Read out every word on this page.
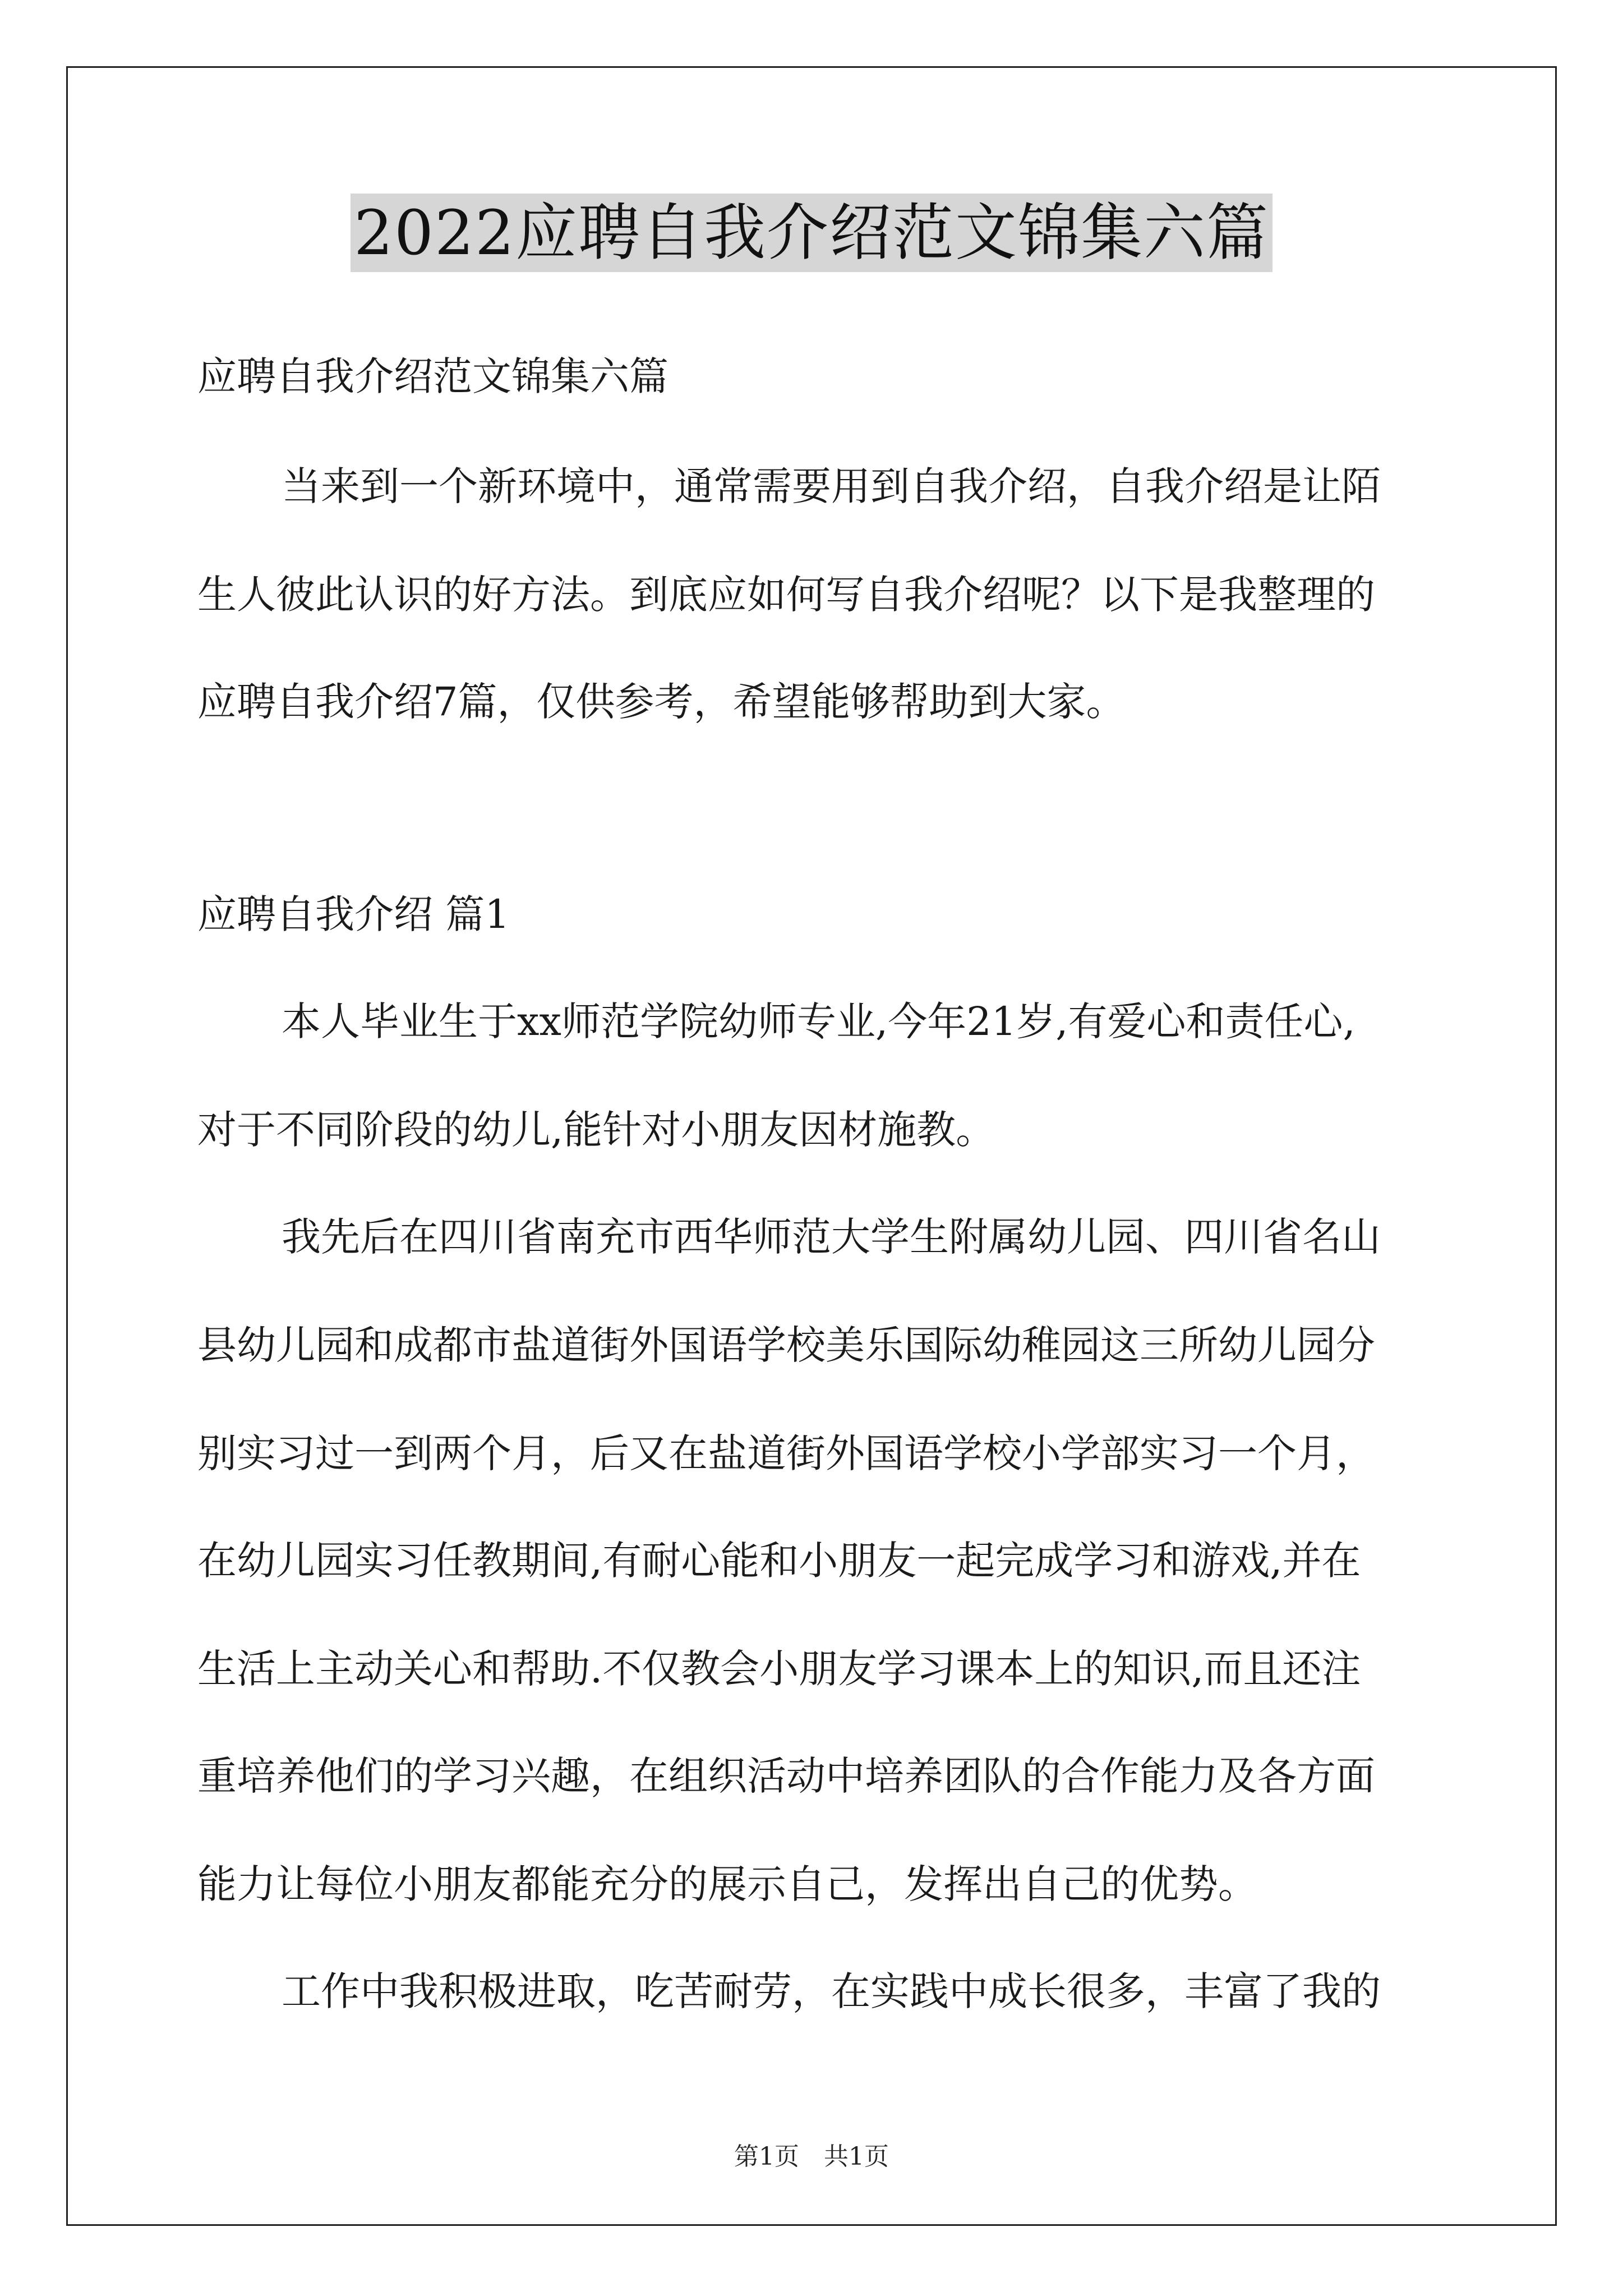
2022应聘自我介绍范文锦集六篇
应聘自我介绍范文锦集六篇
当来到一个新环境中，通常需要用到自我介绍，自我介绍是让陌
生人彼此认识的好方法。到底应如何写自我介绍呢？以下是我整理的
应聘自我介绍7篇，仅供参考，希望能够帮助到大家。
应聘自我介绍 篇1
本人毕业生于xx师范学院幼师专业,今年21岁,有爱心和责任心,
对于不同阶段的幼儿,能针对小朋友因材施教。
我先后在四川省南充市西华师范大学生附属幼儿园、四川省名山
县幼儿园和成都市盐道街外国语学校美乐国际幼稚园这三所幼儿园分
别实习过一到两个月，后又在盐道街外国语学校小学部实习一个月，
在幼儿园实习任教期间,有耐心能和小朋友一起完成学习和游戏,并在
生活上主动关心和帮助.不仅教会小朋友学习课本上的知识,而且还注
重培养他们的学习兴趣，在组织活动中培养团队的合作能力及各方面
能力让每位小朋友都能充分的展示自己，发挥出自己的优势。
工作中我积极进取，吃苦耐劳，在实践中成长很多，丰富了我的
第1页　共1页
